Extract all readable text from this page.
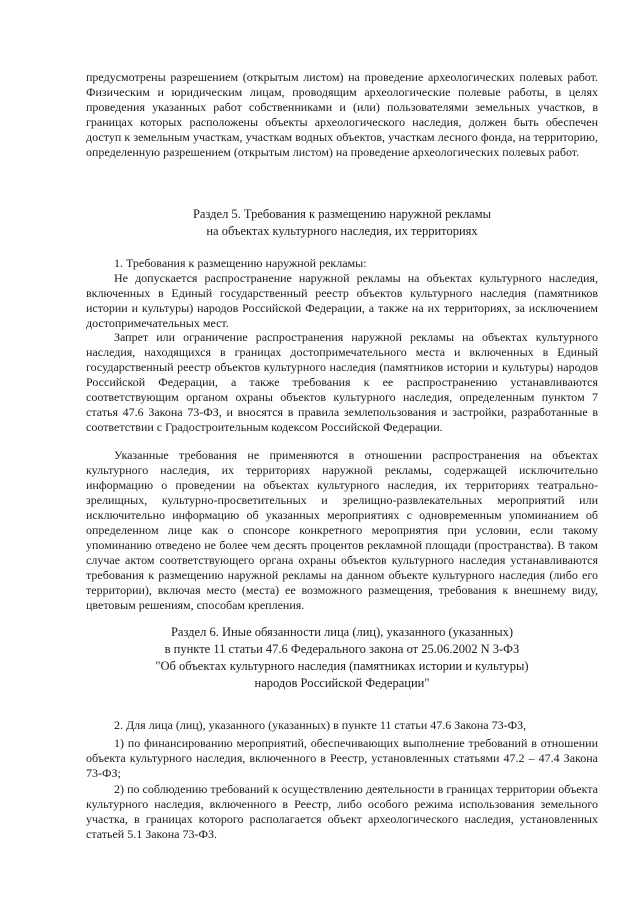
предусмотрены разрешением (открытым листом) на проведение археологических полевых работ. Физическим и юридическим лицам, проводящим археологические полевые работы, в целях проведения указанных работ собственниками и (или) пользователями земельных участков, в границах которых расположены объекты археологического наследия, должен быть обеспечен доступ к земельным участкам, участкам водных объектов, участкам лесного фонда, на территорию, определенную разрешением (открытым листом) на проведение археологических полевых работ.

Раздел 5. Требования к размещению наружной рекламы
на объектах культурного наследия, их территориях

1. Требования к размещению наружной рекламы:

Не допускается распространение наружной рекламы на объектах культурного наследия, включенных в Единый государственный реестр объектов культурного наследия (памятников истории и культуры) народов Российской Федерации, а также на их территориях, за исключением достопримечательных мест.

Запрет или ограничение распространения наружной рекламы на объектах культурного наследия, находящихся в границах достопримечательного места и включенных в Единый государственный реестр объектов культурного наследия (памятников истории и культуры) народов Российской Федерации, а также требования к ее распространению устанавливаются соответствующим органом охраны объектов культурного наследия, определенным пунктом 7 статья 47.6 Закона 73-ФЗ, и вносятся в правила землепользования и застройки, разработанные в соответствии с Градостроительным кодексом Российской Федерации.

Указанные требования не применяются в отношении распространения на объектах культурного наследия, их территориях наружной рекламы, содержащей исключительно информацию о проведении на объектах культурного наследия, их территориях театрально-зрелищных, культурно-просветительных и зрелищно-развлекательных мероприятий или исключительно информацию об указанных мероприятиях с одновременным упоминанием об определенном лице как о спонсоре конкретного мероприятия при условии, если такому упоминанию отведено не более чем десять процентов рекламной площади (пространства). В таком случае актом соответствующего органа охраны объектов культурного наследия устанавливаются требования к размещению наружной рекламы на данном объекте культурного наследия (либо его территории), включая место (места) ее возможного размещения, требования к внешнему виду, цветовым решениям, способам крепления.

Раздел 6. Иные обязанности лица (лиц), указанного (указанных)
в пункте 11 статьи 47.6 Федерального закона от 25.06.2002 N 3-ФЗ
"Об объектах культурного наследия (памятниках истории и культуры)
народов Российской Федерации"

2. Для лица (лиц), указанного (указанных) в пункте 11 статьи 47.6 Закона 73-ФЗ,

1) по финансированию мероприятий, обеспечивающих выполнение требований в отношении объекта культурного наследия, включенного в Реестр, установленных статьями 47.2 – 47.4 Закона 73-ФЗ;

2) по соблюдению требований к осуществлению деятельности в границах территории объекта культурного наследия, включенного в Реестр, либо особого режима использования земельного участка, в границах которого располагается объект археологического наследия, установленных статьей 5.1 Закона 73-ФЗ.
